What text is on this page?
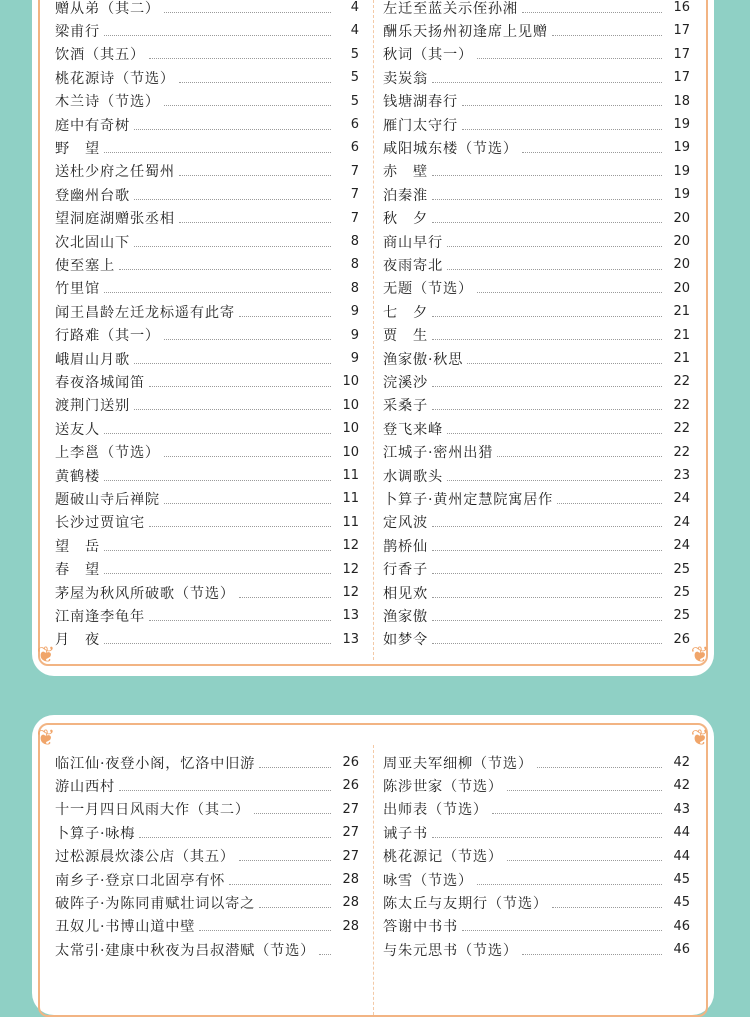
❦	❦
赠从弟（其二）	4
梁甫行	4
饮酒（其五）	5
桃花源诗（节选）	5
木兰诗（节选）	5
庭中有奇树	6
野　望	6
送杜少府之任蜀州	7
登幽州台歌	7
望洞庭湖赠张丞相	7
次北固山下	8
使至塞上	8
竹里馆	8
闻王昌龄左迁龙标遥有此寄	9
行路难（其一）	9
峨眉山月歌	9
春夜洛城闻笛	10
渡荆门送别	10
送友人	10
上李邕（节选）	10
黄鹤楼	11
题破山寺后禅院	11
长沙过贾谊宅	11
望　岳	12
春　望	12
茅屋为秋风所破歌（节选）	12
江南逢李龟年	13
月　夜	13
左迁至蓝关示侄孙湘	16
酬乐天扬州初逢席上见赠	17
秋词（其一）	17
卖炭翁	17
钱塘湖春行	18
雁门太守行	19
咸阳城东楼（节选）	19
赤　壁	19
泊秦淮	19
秋　夕	20
商山早行	20
夜雨寄北	20
无题（节选）	20
七　夕	21
贾　生	21
渔家傲·秋思	21
浣溪沙	22
采桑子	22
登飞来峰	22
江城子·密州出猎	22
水调歌头	23
卜算子·黄州定慧院寓居作	24
定风波	24
鹊桥仙	24
行香子	25
相见欢	25
渔家傲	25
如梦令	26
❦	❦
临江仙·夜登小阁，忆洛中旧游	26
游山西村	26
十一月四日风雨大作（其二）	27
卜算子·咏梅	27
过松源晨炊漆公店（其五）	27
南乡子·登京口北固亭有怀	28
破阵子·为陈同甫赋壮词以寄之	28
丑奴儿·书博山道中壁	28
太常引·建康中秋夜为吕叔潜赋（节选）
周亚夫军细柳（节选）	42
陈涉世家（节选）	42
出师表（节选）	43
诫子书	44
桃花源记（节选）	44
咏雪（节选）	45
陈太丘与友期行（节选）	45
答谢中书书	46
与朱元思书（节选）	46
